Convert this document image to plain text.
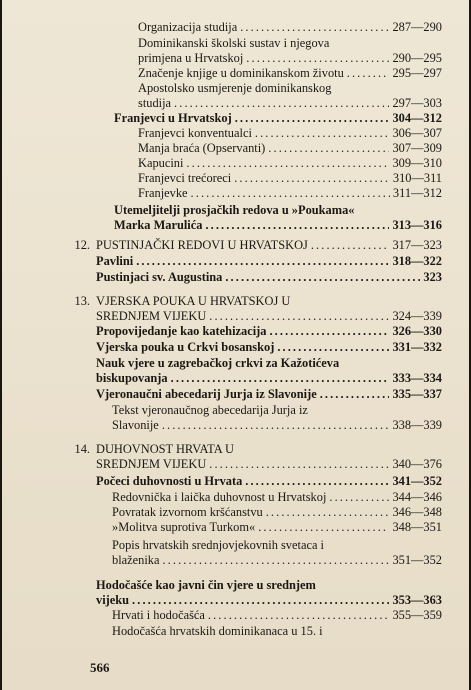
Organizacija studija . . .	287—290
Dominikanski školski sustav i njegova
primjena u Hrvatskoj . . .	290—295
Značenje knjige u dominikanskom životu . . .	295—297
Apostolsko usmjerenje dominikanskog
studija . . .	297—303
Franjevci u Hrvatskoj . . .	304—312
Franjevci konventualci . . .	306—307
Manja braća (Opservanti) . . .	307—309
Kapucini . . .	309—310
Franjevci trećoreci . . .	310—311
Franjevke . . .	311—312
Utemeljitelji prosjačkih redova u »Poukama«
Marka Marulića . . .	313—316
12. PUSTINJAČKI REDOVI U HRVATSKOJ . . .	317—323
Pavlini . . .	318—322
Pustinjaci sv. Augustina . . .	323
13. VJERSKA POUKA U HRVATSKOJ U
SREDNJEM VIJEKU . . .	324—339
Propovijedanje kao katehizacija . . .	326—330
Vjerska pouka u Crkvi bosanskoj . . .	331—332
Nauk vjere u zagrebačkoj crkvi za Kažotićeva
biskupovanja . . .	333—334
Vjeronaučni abecedarij Jurja iz Slavonije . . .	335—337
Tekst vjeronaučnog abecedarija Jurja iz
Slavonije . . .	338—339
14. DUHOVNOST HRVATA U
SREDNJEM VIJEKU . . .	340—376
Počeci duhovnosti u Hrvata . . .	341—352
Redovnička i laička duhovnost u Hrvatskoj . . .	344—346
Povratak izvornom kršćanstvu . . .	346—348
»Molitva suprotiva Turkom« . . .	348—351
Popis hrvatskih srednjovjekovnih svetaca i
blaženika . . .	351—352
Hodočašće kao javni čin vjere u srednjem
vijeku . . .	353—363
Hrvati i hodočašća . . .	355—359
Hodočašća hrvatskih dominikanaca u 15. i
566
